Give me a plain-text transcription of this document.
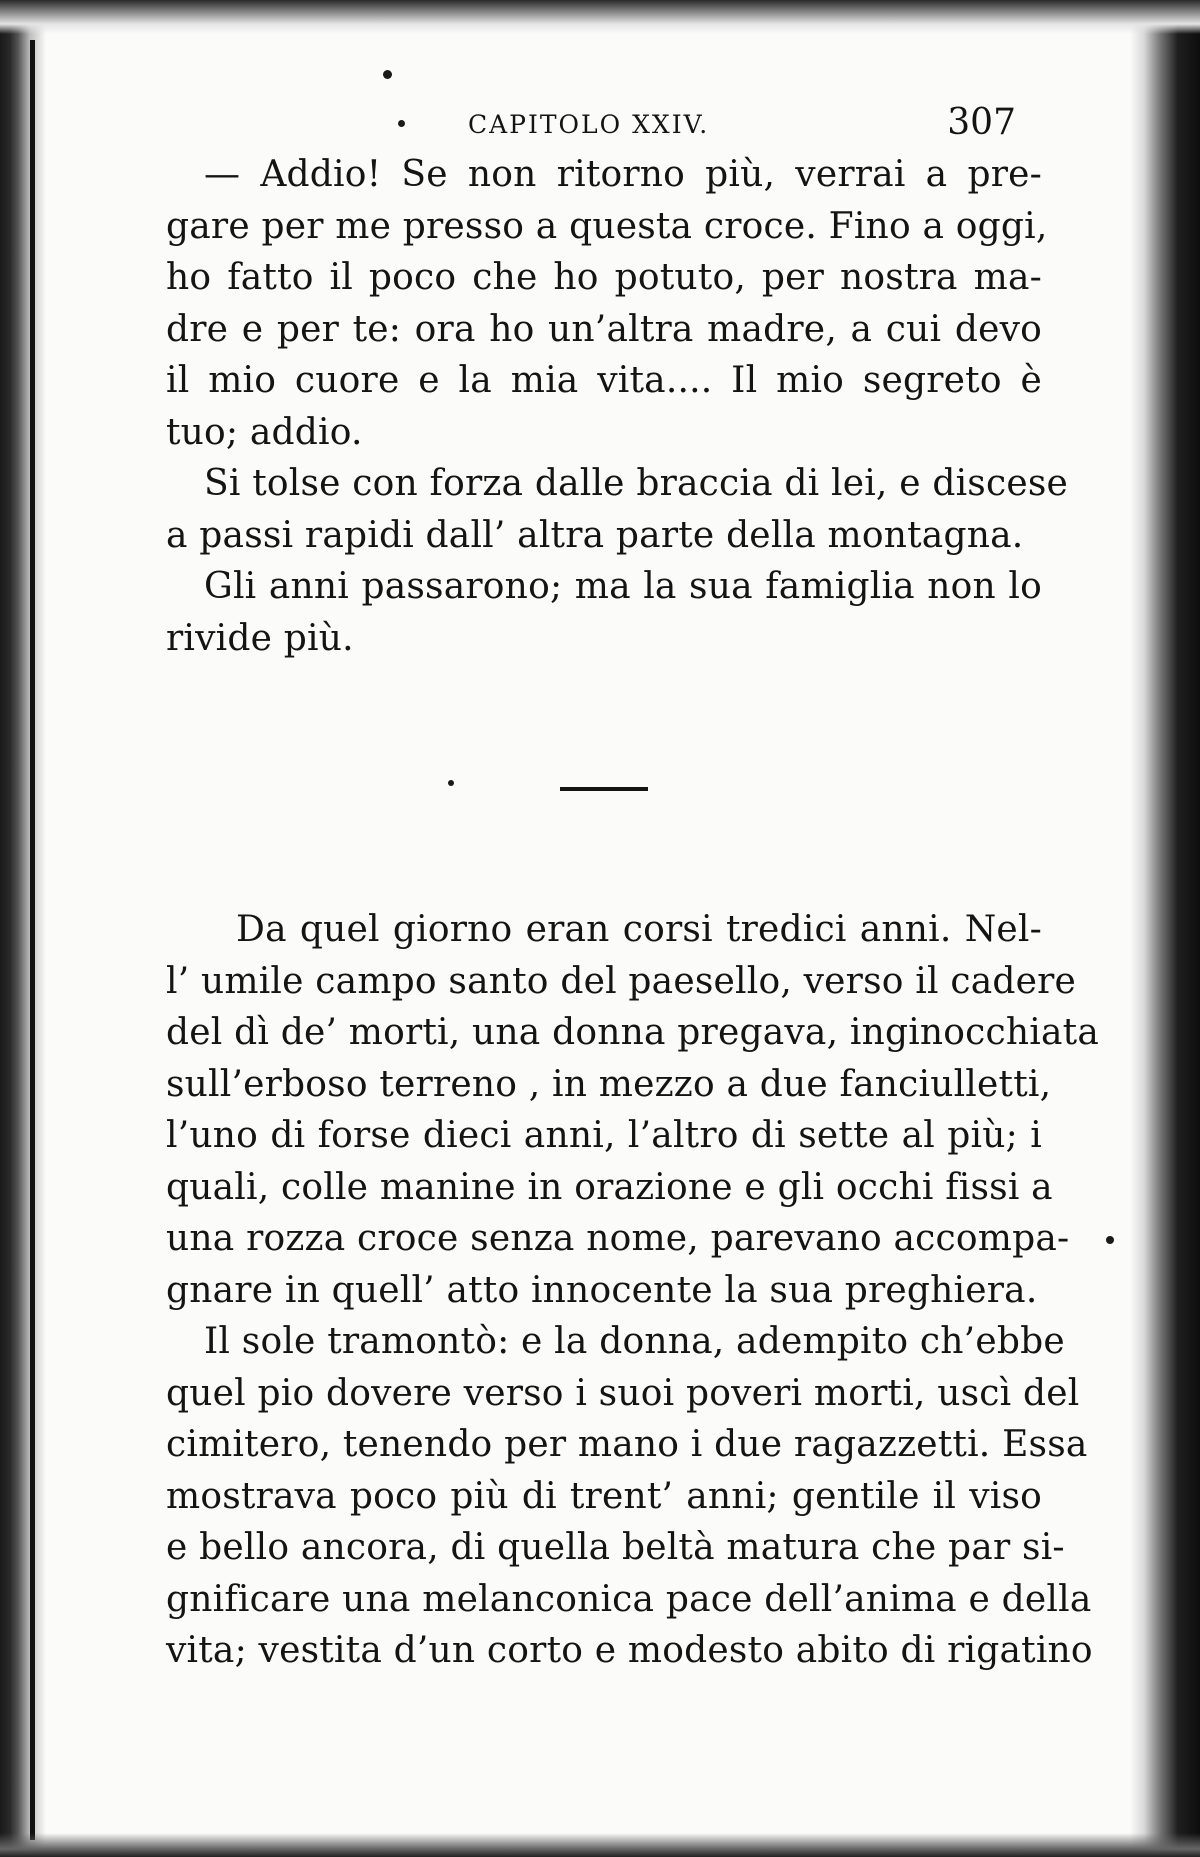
CAPITOLO XXIV.	307
— Addio! Se non ritorno più, verrai a pre-
gare per me presso a questa croce. Fino a oggi,
ho fatto il poco che ho potuto, per nostra ma-
dre e per te: ora ho un’altra madre, a cui devo
il mio cuore e la mia vita.... Il mio segreto è
tuo; addio.
Si tolse con forza dalle braccia di lei, e discese
a passi rapidi dall’ altra parte della montagna.
Gli anni passarono; ma la sua famiglia non lo
rivide più.
Da quel giorno eran corsi tredici anni. Nel-
l’ umile campo santo del paesello, verso il cadere
del dì de’ morti, una donna pregava, inginocchiata
sull’erboso terreno , in mezzo a due fanciulletti,
l’uno di forse dieci anni, l’altro di sette al più; i
quali, colle manine in orazione e gli occhi fissi a
una rozza croce senza nome, parevano accompa-
gnare in quell’ atto innocente la sua preghiera.
Il sole tramontò: e la donna, adempito ch’ebbe
quel pio dovere verso i suoi poveri morti, uscì del
cimitero, tenendo per mano i due ragazzetti. Essa
mostrava poco più di trent’ anni; gentile il viso
e bello ancora, di quella beltà matura che par si-
gnificare una melanconica pace dell’anima e della
vita; vestita d’un corto e modesto abito di rigatino
